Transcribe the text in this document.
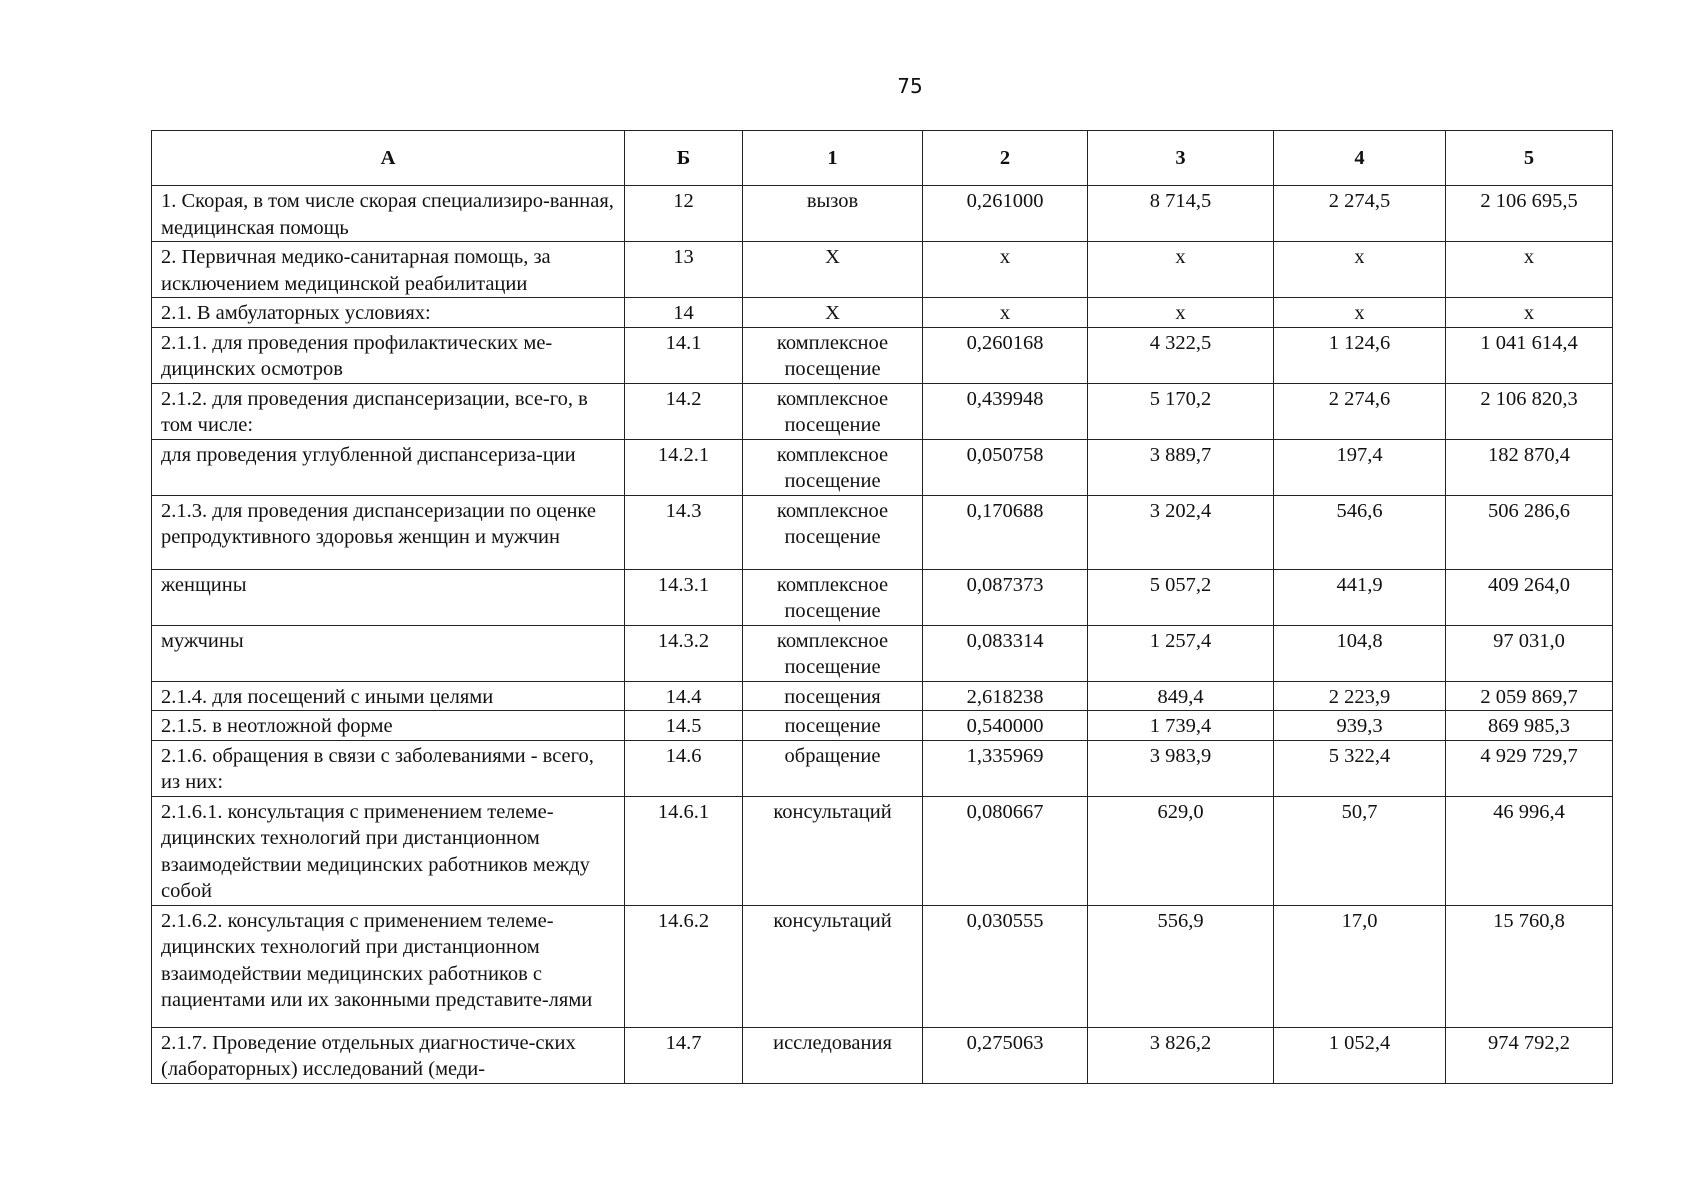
75
А	Б	1	2	3	4	5
1. Скорая, в том числе скорая специализиро-ванная, медицинская помощь	12	вызов	0,261000	8 714,5	2 274,5	2 106 695,5
2. Первичная медико-санитарная помощь, за исключением медицинской реабилитации	13	X	x	x	x	x
2.1. В амбулаторных условиях:	14	X	x	x	x	x
2.1.1. для проведения профилактических ме-дицинских осмотров	14.1	комплексное посещение	0,260168	4 322,5	1 124,6	1 041 614,4
2.1.2. для проведения диспансеризации, все-го, в том числе:	14.2	комплексное посещение	0,439948	5 170,2	2 274,6	2 106 820,3
для проведения углубленной диспансериза-ции	14.2.1	комплексное посещение	0,050758	3 889,7	197,4	182 870,4
2.1.3. для проведения диспансеризации по оценке репродуктивного здоровья женщин и мужчин	14.3	комплексное посещение	0,170688	3 202,4	546,6	506 286,6
женщины	14.3.1	комплексное посещение	0,087373	5 057,2	441,9	409 264,0
мужчины	14.3.2	комплексное посещение	0,083314	1 257,4	104,8	97 031,0
2.1.4. для посещений с иными целями	14.4	посещения	2,618238	849,4	2 223,9	2 059 869,7
2.1.5. в неотложной форме	14.5	посещение	0,540000	1 739,4	939,3	869 985,3
2.1.6. обращения в связи с заболеваниями - всего, из них:	14.6	обращение	1,335969	3 983,9	5 322,4	4 929 729,7
2.1.6.1. консультация с применением телеме-дицинских технологий при дистанционном взаимодействии медицинских работников между собой	14.6.1	консультаций	0,080667	629,0	50,7	46 996,4
2.1.6.2. консультация с применением телеме-дицинских технологий при дистанционном взаимодействии медицинских работников с пациентами или их законными представите-лями	14.6.2	консультаций	0,030555	556,9	17,0	15 760,8
2.1.7. Проведение отдельных диагностиче-ских (лабораторных) исследований (меди-	14.7	исследования	0,275063	3 826,2	1 052,4	974 792,2
